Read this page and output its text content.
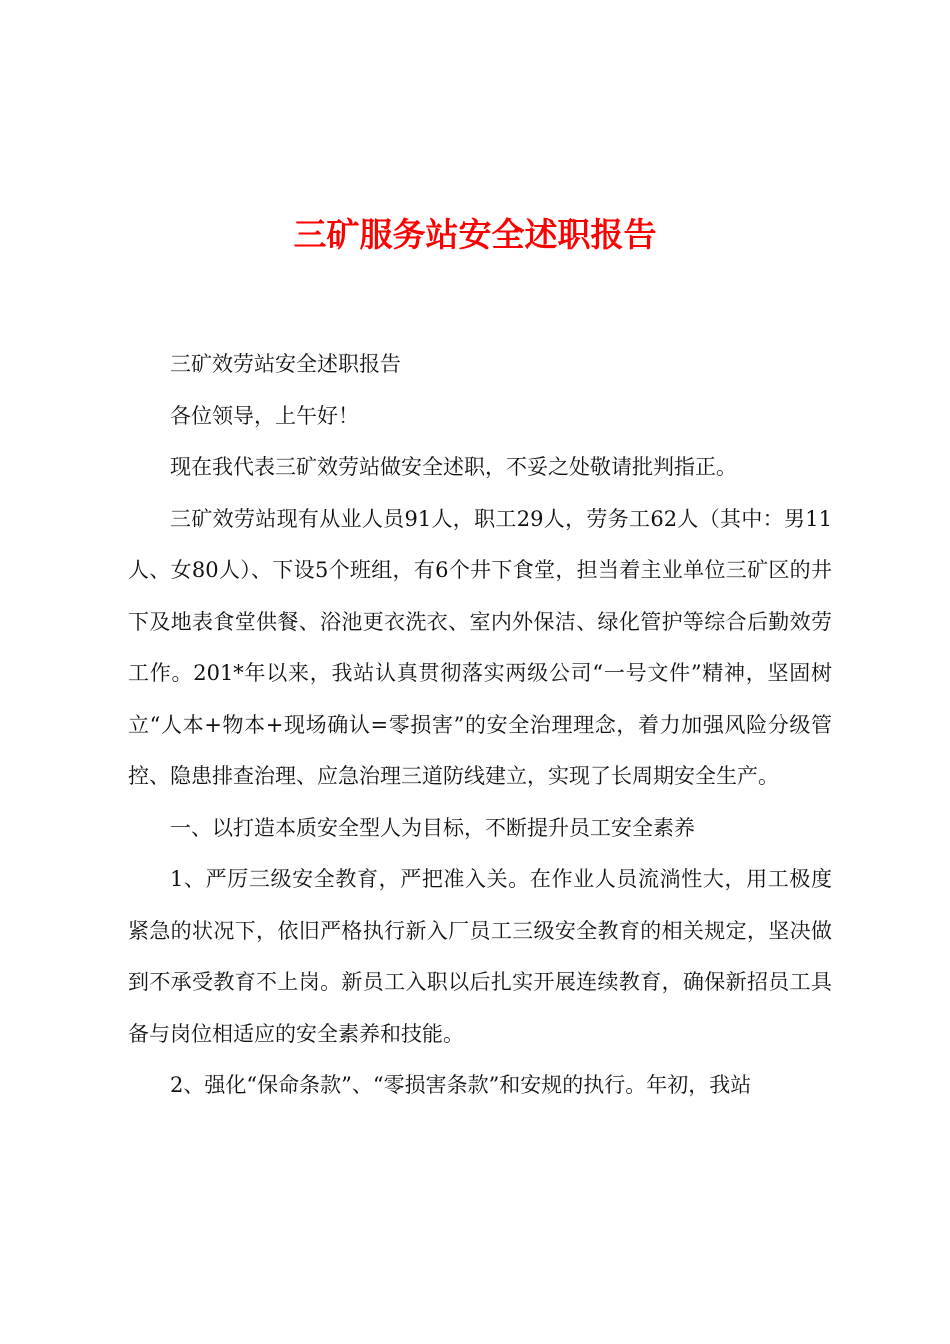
三矿服务站安全述职报告

三矿效劳站安全述职报告

各位领导，上午好！

现在我代表三矿效劳站做安全述职，不妥之处敬请批判指正。

三矿效劳站现有从业人员91人，职工29人，劳务工62人（其中：男11人、女80人）、下设5个班组，有6个井下食堂，担当着主业单位三矿区的井下及地表食堂供餐、浴池更衣洗衣、室内外保洁、绿化管护等综合后勤效劳工作。201*年以来，我站认真贯彻落实两级公司“一号文件”精神，坚固树立“人本+物本+现场确认=零损害”的安全治理理念，着力加强风险分级管控、隐患排查治理、应急治理三道防线建立，实现了长周期安全生产。

一、以打造本质安全型人为目标，不断提升员工安全素养

1、严厉三级安全教育，严把准入关。在作业人员流淌性大，用工极度紧急的状况下，依旧严格执行新入厂员工三级安全教育的相关规定，坚决做到不承受教育不上岗。新员工入职以后扎实开展连续教育，确保新招员工具备与岗位相适应的安全素养和技能。

2、强化“保命条款”、“零损害条款”和安规的执行。年初，我站
